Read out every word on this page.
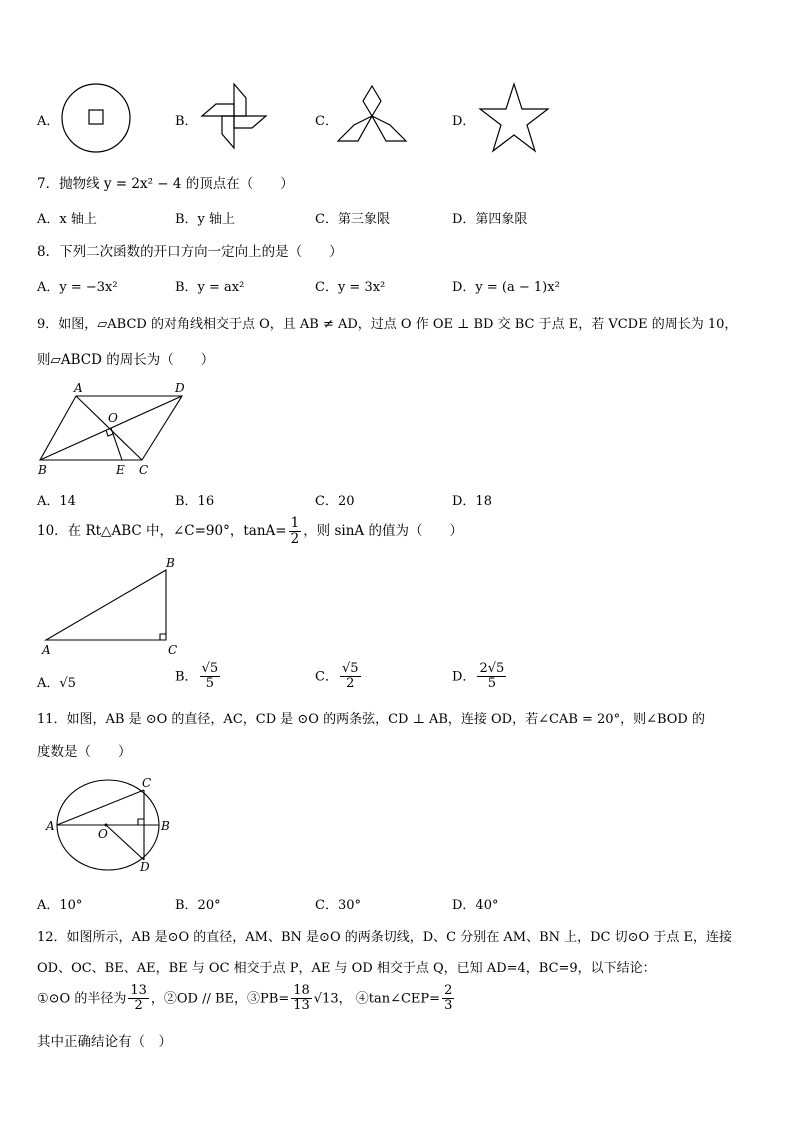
A．	B．	C．	D．
7．抛物线 y = 2x² − 4 的顶点在（　　）
A．x 轴上	B．y 轴上	C．第三象限	D．第四象限
8．下列二次函数的开口方向一定向上的是（　　）
A．y = −3x²	B．y = ax²	C．y = 3x²	D．y = (a − 1)x²
9．如图，▱ABCD 的对角线相交于点 O，且 AB ≠ AD，过点 O 作 OE ⊥ BD 交 BC 于点 E，若 VCDE 的周长为 10，
则▱ABCD 的周长为（　　）
A	D
O
B	E C
A．14	B．16	C．20	D．18
10．在 Rt△ABC 中，∠C=90°，$\tan A= \frac{1}{2}$ ，则 sinA 的值为（　　）
B
A	C
A．√5	B． $\frac{√5}{5}$	C． $\frac{√5}{2}$	D． $\frac{2√5}{5}$
11．如图，AB 是 ⊙O 的直径，AC，CD 是 ⊙O 的两条弦，CD ⊥ AB，连接 OD，若∠CAB = 20°，则∠BOD 的
度数是（　　）
C
A	B
O
D
A．10°	B．20°	C．30°	D．40°
12．如图所示，AB 是⊙O 的直径，AM、BN 是⊙O 的两条切线，D、C 分别在 AM、BN 上，DC 切⊙O 于点 E，连接
OD、OC、BE、AE，BE 与 OC 相交于点 P，AE 与 OD 相交于点 Q，已知 AD=4，BC=9，以下结论：
①⊙O 的半径为 $\frac{13}{2}$ ，②OD // BE，③PB= $\frac{18}{13} √13$， ④tan∠CEP= $\frac{2}{3}$
其中正确结论有（　）
